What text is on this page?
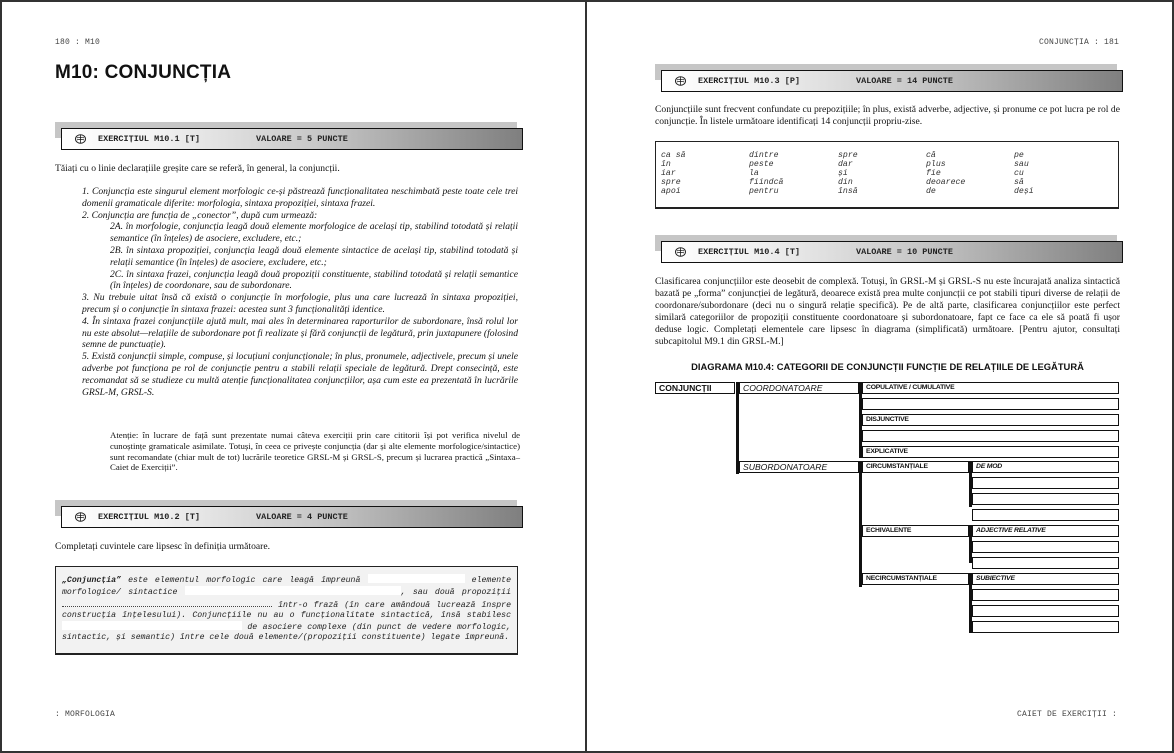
180 : M10
M10: CONJUNCȚIA
EXERCIȚIUL M10.1 [T]	VALOARE = 5 PUNCTE
Tăiați cu o linie declarațiile greșite care se referă, în general, la conjuncții.
1. Conjuncția este singurul element morfologic ce-și păstrează funcționalitatea neschimbată peste toate cele trei domenii gramaticale diferite: morfologia, sintaxa propoziției, sintaxa frazei.
2. Conjuncția are funcția de „conector”, după cum urmează:
2A. în morfologie, conjuncția leagă două elemente morfologice de același tip, stabilind totodată și relații semantice (în înțeles) de asociere, excludere, etc.;
2B. în sintaxa propoziției, conjuncția leagă două elemente sintactice de același tip, stabilind totodată și relații semantice (în înțeles) de asociere, excludere, etc.;
2C. în sintaxa frazei, conjuncția leagă două propoziții constituente, stabilind totodată și relații semantice (în înțeles) de coordonare, sau de subordonare.
3. Nu trebuie uitat însă că există o conjuncție în morfologie, plus una care lucrează în sintaxa propoziției, precum și o conjuncție în sintaxa frazei: acestea sunt 3 funcționalități identice.
4. În sintaxa frazei conjuncțiile ajută mult, mai ales în determinarea raporturilor de subordonare, însă rolul lor nu este absolut—relațiile de subordonare pot fi realizate și fără conjuncții de legătură, prin juxtapunere (folosind semne de punctuație).
5. Există conjuncții simple, compuse, și locuțiuni conjuncționale; în plus, pronumele, adjectivele, precum și unele adverbe pot funcționa pe rol de conjuncție pentru a stabili relații speciale de legătură. Drept consecință, este recomandat să se studieze cu multă atenție funcționalitatea conjuncțiilor, așa cum este ea prezentată în lucrările GRSL-M, GRSL-S.
Atenție: în lucrare de față sunt prezentate numai câteva exerciții prin care cititorii își pot verifica nivelul de cunoștințe gramaticale asimilate. Totuși, în ceea ce privește conjuncția (dar și alte elemente morfologice/sintactice) sunt recomandate (chiar mult de tot) lucrările teoretice GRSL-M și GRSL-S, precum și lucrarea practică „Sintaxa–Caiet de Exerciții”.
EXERCIȚIUL M10.2 [T]	VALOARE = 4 PUNCTE
Completați cuvintele care lipsesc în definiția următoare.
„Conjuncția” este elementul morfologic care leagă împreună	elemente morfologice/ sintactice	, sau două propoziții  într-o frază (în care amândouă lucrează înspre construcția înțelesului). Conjuncțiile nu au o funcționalitate sintactică, însă stabilesc  de asociere complexe (din punct de vedere morfologic, sintactic, și semantic) între cele două elemente/(propoziții constituente) legate împreună.
: MORFOLOGIA
CONJUNCȚIA : 181
EXERCIȚIUL M10.3 [P]	VALOARE = 14 PUNCTE
Conjuncțiile sunt frecvent confundate cu prepozițiile; în plus, există adverbe, adjective, și pronume ce pot lucra pe rol de conjuncție. În listele următoare identificați 14 conjuncții propriu-zise.
ca să	dintre	spre	că	pe
în	peste	dar	plus	sau
iar	la	și	fie	cu
spre	fiindcă	din	deoarece	să
apoi	pentru	însă	de	deși
EXERCIȚIUL M10.4 [T]	VALOARE = 10 PUNCTE
Clasificarea conjuncțiilor este deosebit de complexă. Totuși, în GRSL-M și GRSL-S nu este încurajată analiza sintactică bazată pe „forma” conjuncției de legătură, deoarece există prea multe conjuncții ce pot stabili tipuri diverse de relații de coordonare/subordonare (deci nu o singură relație specifică). Pe de altă parte, clasificarea conjuncțiilor este perfect similară categoriilor de propoziții constituente coordonatoare și subordonatoare, fapt ce face ca ele să poată fi ușor deduse logic. Completați elementele care lipsesc în diagrama (simplificată) următoare. [Pentru ajutor, consultați subcapitolul M9.1 din GRSL-M.]
DIAGRAMA M10.4: CATEGORII DE CONJUNCȚII FUNCȚIE DE RELAȚIILE DE LEGĂTURĂ
CONJUNCȚII	COORDONATOARE
SUBORDONATOARE
COPULATIVE / CUMULATIVE
DISJUNCTIVE
EXPLICATIVE
CIRCUMSTANȚIALE
ECHIVALENTE
NECIRCUMSTANȚIALE
DE MOD
ADJECTIVE RELATIVE
SUBIECTIVE
CAIET DE EXERCIȚII :
